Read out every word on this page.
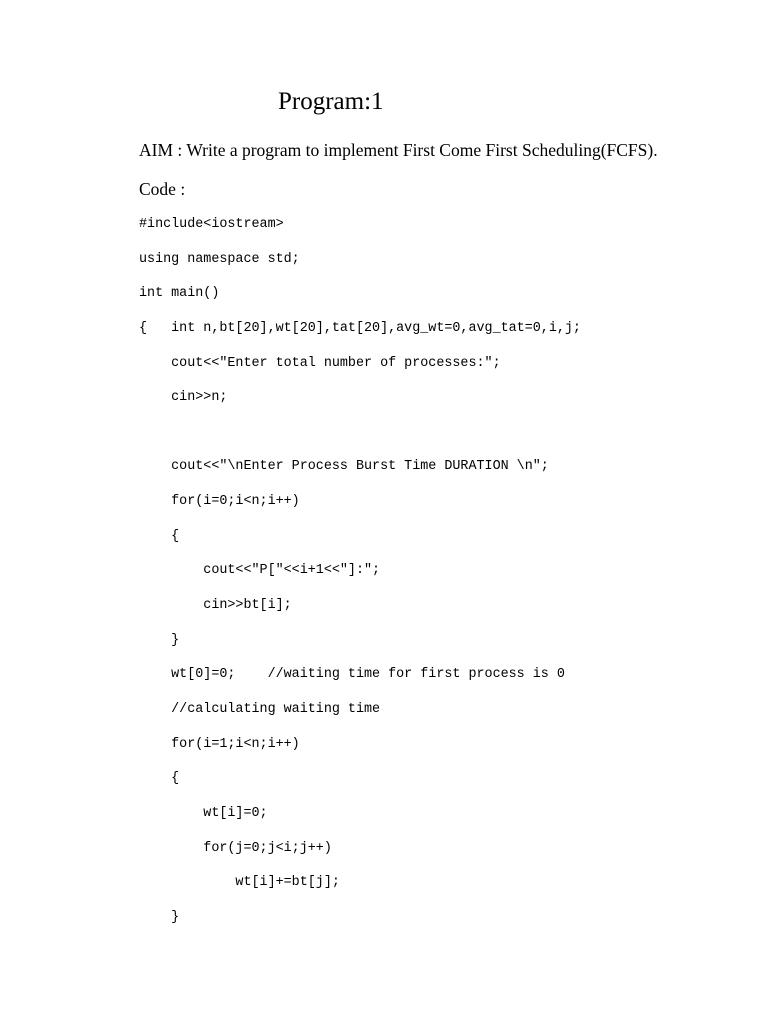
Program:1
AIM : Write a program to implement First Come First Scheduling(FCFS).
Code :
#include<iostream>
using namespace std;
int main()
{   int n,bt[20],wt[20],tat[20],avg_wt=0,avg_tat=0,i,j;
cout<<"Enter total number of processes:";
cin>>n;
cout<<"\nEnter Process Burst Time DURATION \n";
for(i=0;i<n;i++)
{
cout<<"P["<<i+1<<"]:";
cin>>bt[i];
}
wt[0]=0;    //waiting time for first process is 0
//calculating waiting time
for(i=1;i<n;i++)
{
wt[i]=0;
for(j=0;j<i;j++)
wt[i]+=bt[j];
}
